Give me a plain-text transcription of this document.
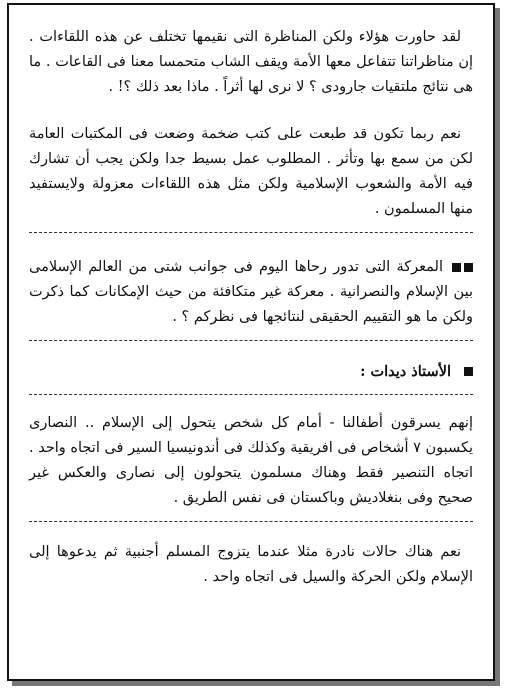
لقد حاورت هؤلاء ولكن المناظرة التى نقيمها تختلف عن هذه اللقاءات . إن مناظراتنا تتفاعل معها الأمة ويقف الشاب متحمسا معنا فى القاعات . ما هى نتائج ملتقيات جارودى ؟ لا نرى لها أثراً . ماذا بعد ذلك ؟! .

نعم ربما تكون قد طبعت على كتب ضخمة وضعت فى المكتبات العامة لكن من سمع بها وتأثر . المطلوب عمل بسيط جدا ولكن يجب أن تشارك فيه الأمة والشعوب الإسلامية ولكن مثل هذه اللقاءات معزولة ولايستفيد منها المسلمون .

المعركة التى تدور رحاها اليوم فى جوانب شتى من العالم الإسلامى بين الإسلام والنصرانية . معركة غير متكافئة من حيث الإمكانات كما ذكرت ولكن ما هو التقييم الحقيقى لنتائجها فى نظركم ؟ .

الأستاذ ديدات :

إنهم يسرقون أطفالنا - أمام كل شخص يتحول إلى الإسلام .. النصارى يكسبون ٧ أشخاص فى افريقية وكذلك فى أندونيسيا السير فى اتجاه واحد . اتجاه التنصير فقط وهناك مسلمون يتحولون إلى نصارى والعكس غير صحيح وفى بنغلاديش وباكستان فى نفس الطريق .

نعم هناك حالات نادرة مثلا عندما يتزوج المسلم أجنبية ثم يدعوها إلى الإسلام ولكن الحركة والسيل فى اتجاه واحد .
